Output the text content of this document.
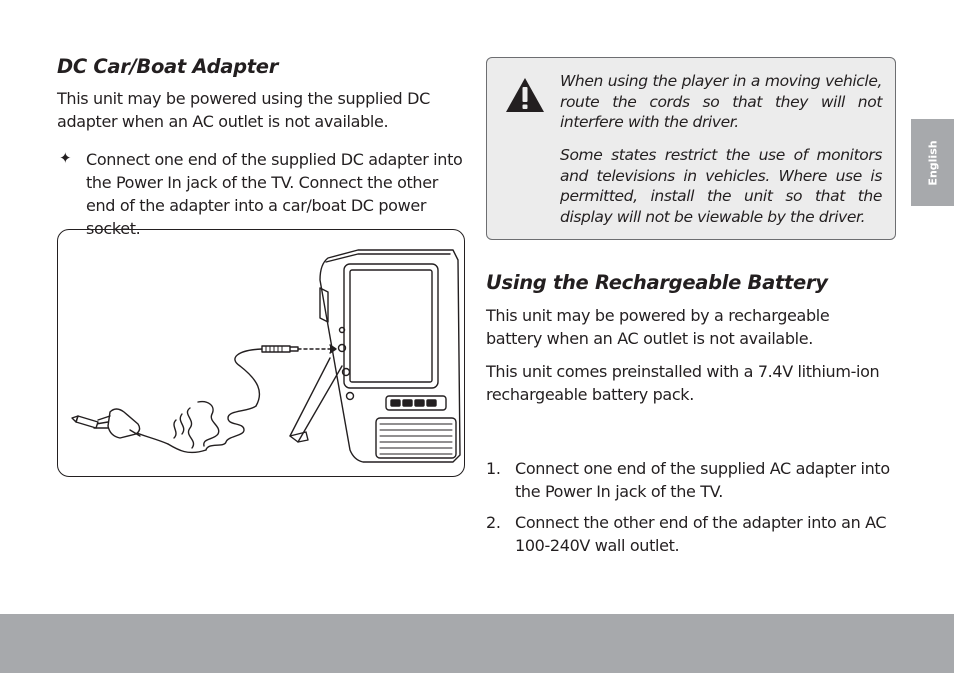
DC Car/Boat Adapter

This unit may be powered using the supplied DC adapter when an AC outlet is not available.

✦ Connect one end of the supplied DC adapter into the Power In jack of the TV. Connect the other end of the adapter into a car/boat DC power socket.

When using the player in a moving vehicle, route the cords so that they will not interfere with the driver.

Some states restrict the use of monitors and televisions in vehicles. Where use is permitted, install the unit so that the display will not be viewable by the driver.

Using the Rechargeable Battery

This unit may be powered by a rechargeable battery when an AC outlet is not available.

This unit comes preinstalled with a 7.4V lithium-ion rechargeable battery pack.

1. Connect one end of the supplied AC adapter into the Power In jack of the TV.
2. Connect the other end of the adapter into an AC 100-240V wall outlet.
English
